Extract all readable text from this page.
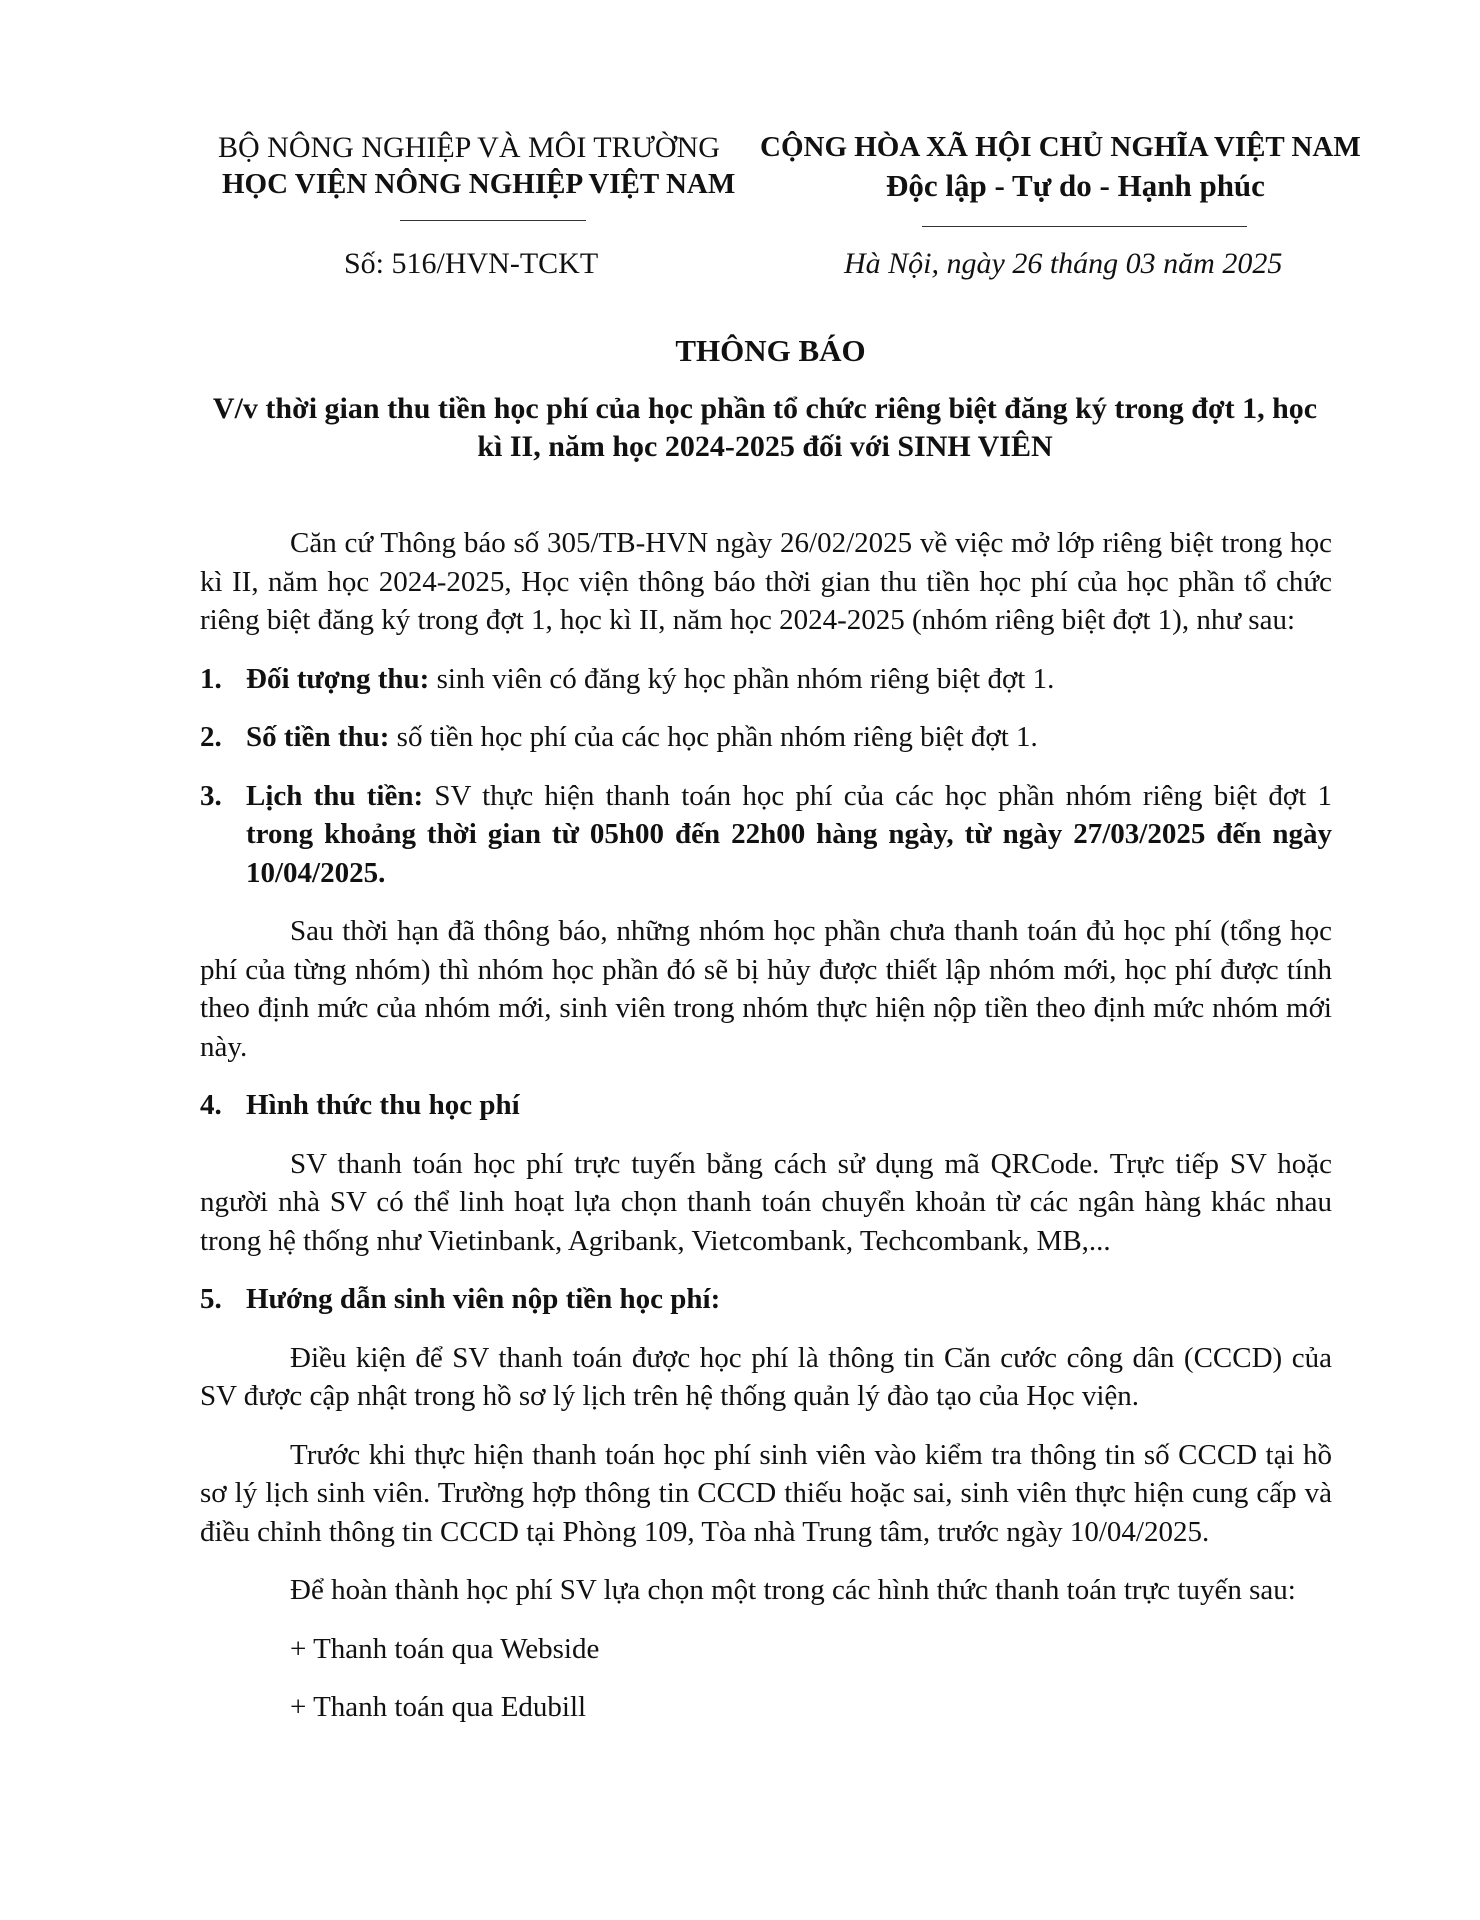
BỘ NÔNG NGHIỆP VÀ MÔI TRƯỜNG
HỌC VIỆN NÔNG NGHIỆP VIỆT NAM
CỘNG HÒA XÃ HỘI CHỦ NGHĨA VIỆT NAM
Độc lập - Tự do - Hạnh phúc
Số: 516/HVN-TCKT	Hà Nội, ngày 26 tháng 03 năm 2025
THÔNG BÁO
V/v thời gian thu tiền học phí của học phần tổ chức riêng biệt đăng ký trong đợt 1, học kì II, năm học 2024-2025 đối với SINH VIÊN

Căn cứ Thông báo số 305/TB-HVN ngày 26/02/2025 về việc mở lớp riêng biệt trong học kì II, năm học 2024-2025, Học viện thông báo thời gian thu tiền học phí của học phần tổ chức riêng biệt đăng ký trong đợt 1, học kì II, năm học 2024-2025 (nhóm riêng biệt đợt 1), như sau:

1. Đối tượng thu: sinh viên có đăng ký học phần nhóm riêng biệt đợt 1.

2. Số tiền thu: số tiền học phí của các học phần nhóm riêng biệt đợt 1.

3. Lịch thu tiền: SV thực hiện thanh toán học phí của các học phần nhóm riêng biệt đợt 1 trong khoảng thời gian từ 05h00 đến 22h00 hàng ngày, từ ngày 27/03/2025 đến ngày 10/04/2025.

Sau thời hạn đã thông báo, những nhóm học phần chưa thanh toán đủ học phí (tổng học phí của từng nhóm) thì nhóm học phần đó sẽ bị hủy được thiết lập nhóm mới, học phí được tính theo định mức của nhóm mới, sinh viên trong nhóm thực hiện nộp tiền theo định mức nhóm mới này.

4. Hình thức thu học phí

SV thanh toán học phí trực tuyến bằng cách sử dụng mã QRCode. Trực tiếp SV hoặc người nhà SV có thể linh hoạt lựa chọn thanh toán chuyển khoản từ các ngân hàng khác nhau trong hệ thống như Vietinbank, Agribank, Vietcombank, Techcombank, MB,...

5. Hướng dẫn sinh viên nộp tiền học phí:

Điều kiện để SV thanh toán được học phí là thông tin Căn cước công dân (CCCD) của SV được cập nhật trong hồ sơ lý lịch trên hệ thống quản lý đào tạo của Học viện.

Trước khi thực hiện thanh toán học phí sinh viên vào kiểm tra thông tin số CCCD tại hồ sơ lý lịch sinh viên. Trường hợp thông tin CCCD thiếu hoặc sai, sinh viên thực hiện cung cấp và điều chỉnh thông tin CCCD tại Phòng 109, Tòa nhà Trung tâm, trước ngày 10/04/2025.

Để hoàn thành học phí SV lựa chọn một trong các hình thức thanh toán trực tuyến sau:

+ Thanh toán qua Webside

+ Thanh toán qua Edubill
